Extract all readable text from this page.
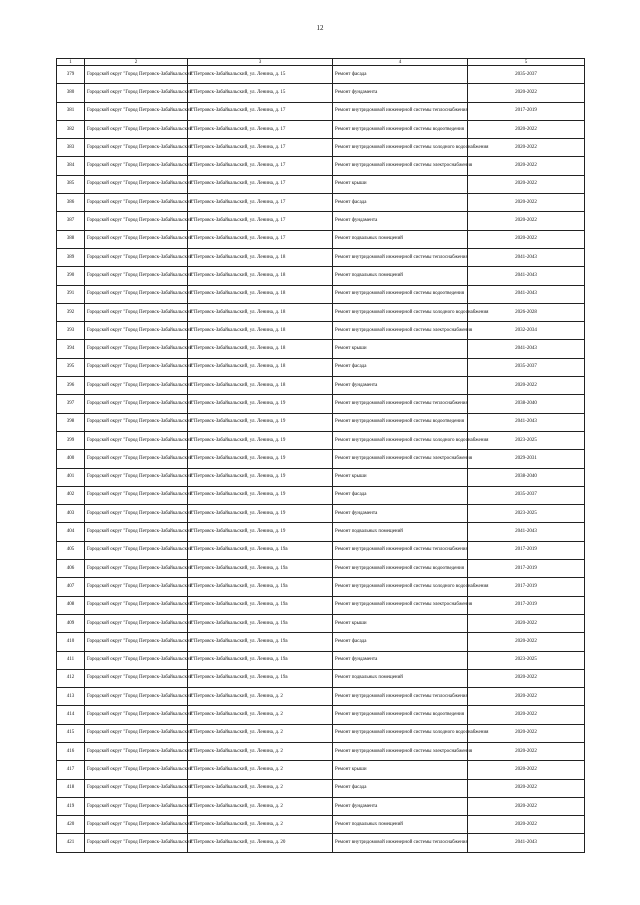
12
1	2	3	4	5
379	Городской округ "Город Петровск-Забайкальский"	г. Петровск-Забайкальский, ул. Ленина, д. 15	Ремонт фасада	2035-2037
380	Городской округ "Город Петровск-Забайкальский"	г. Петровск-Забайкальский, ул. Ленина, д. 15	Ремонт фундамента	2020-2022
381	Городской округ "Город Петровск-Забайкальский"	г. Петровск-Забайкальский, ул. Ленина, д. 17	Ремонт внутридомовой инженерной системы теплоснабжения	2017-2019
382	Городской округ "Город Петровск-Забайкальский"	г. Петровск-Забайкальский, ул. Ленина, д. 17	Ремонт внутридомовой инженерной системы водоотведения	2020-2022
383	Городской округ "Город Петровск-Забайкальский"	г. Петровск-Забайкальский, ул. Ленина, д. 17	Ремонт внутридомовой инженерной системы холодного водоснабжения	2020-2022
384	Городской округ "Город Петровск-Забайкальский"	г. Петровск-Забайкальский, ул. Ленина, д. 17	Ремонт внутридомовой инженерной системы электроснабжения	2020-2022
385	Городской округ "Город Петровск-Забайкальский"	г. Петровск-Забайкальский, ул. Ленина, д. 17	Ремонт крыши	2020-2022
386	Городской округ "Город Петровск-Забайкальский"	г. Петровск-Забайкальский, ул. Ленина, д. 17	Ремонт фасада	2020-2022
387	Городской округ "Город Петровск-Забайкальский"	г. Петровск-Забайкальский, ул. Ленина, д. 17	Ремонт фундамента	2020-2022
388	Городской округ "Город Петровск-Забайкальский"	г. Петровск-Забайкальский, ул. Ленина, д. 17	Ремонт подвальных помещений	2020-2022
389	Городской округ "Город Петровск-Забайкальский"	г. Петровск-Забайкальский, ул. Ленина, д. 18	Ремонт внутридомовой инженерной системы теплоснабжения	2041-2043
390	Городской округ "Город Петровск-Забайкальский"	г. Петровск-Забайкальский, ул. Ленина, д. 18	Ремонт подвальных помещений	2041-2043
391	Городской округ "Город Петровск-Забайкальский"	г. Петровск-Забайкальский, ул. Ленина, д. 18	Ремонт внутридомовой инженерной системы водоотведения	2041-2043
392	Городской округ "Город Петровск-Забайкальский"	г. Петровск-Забайкальский, ул. Ленина, д. 18	Ремонт внутридомовой инженерной системы холодного водоснабжения	2026-2028
393	Городской округ "Город Петровск-Забайкальский"	г. Петровск-Забайкальский, ул. Ленина, д. 18	Ремонт внутридомовой инженерной системы электроснабжения	2032-2034
394	Городской округ "Город Петровск-Забайкальский"	г. Петровск-Забайкальский, ул. Ленина, д. 18	Ремонт крыши	2041-2043
395	Городской округ "Город Петровск-Забайкальский"	г. Петровск-Забайкальский, ул. Ленина, д. 18	Ремонт фасада	2035-2037
396	Городской округ "Город Петровск-Забайкальский"	г. Петровск-Забайкальский, ул. Ленина, д. 18	Ремонт фундамента	2020-2022
397	Городской округ "Город Петровск-Забайкальский"	г. Петровск-Забайкальский, ул. Ленина, д. 19	Ремонт внутридомовой инженерной системы теплоснабжения	2038-2040
398	Городской округ "Город Петровск-Забайкальский"	г. Петровск-Забайкальский, ул. Ленина, д. 19	Ремонт внутридомовой инженерной системы водоотведения	2041-2043
399	Городской округ "Город Петровск-Забайкальский"	г. Петровск-Забайкальский, ул. Ленина, д. 19	Ремонт внутридомовой инженерной системы холодного водоснабжения	2023-2025
400	Городской округ "Город Петровск-Забайкальский"	г. Петровск-Забайкальский, ул. Ленина, д. 19	Ремонт внутридомовой инженерной системы электроснабжения	2029-2031
401	Городской округ "Город Петровск-Забайкальский"	г. Петровск-Забайкальский, ул. Ленина, д. 19	Ремонт крыши	2038-2040
402	Городской округ "Город Петровск-Забайкальский"	г. Петровск-Забайкальский, ул. Ленина, д. 19	Ремонт фасада	2035-2037
403	Городской округ "Город Петровск-Забайкальский"	г. Петровск-Забайкальский, ул. Ленина, д. 19	Ремонт фундамента	2023-2025
404	Городской округ "Город Петровск-Забайкальский"	г. Петровск-Забайкальский, ул. Ленина, д. 19	Ремонт подвальных помещений	2041-2043
405	Городской округ "Город Петровск-Забайкальский"	г. Петровск-Забайкальский, ул. Ленина, д. 19а	Ремонт внутридомовой инженерной системы теплоснабжения	2017-2019
406	Городской округ "Город Петровск-Забайкальский"	г. Петровск-Забайкальский, ул. Ленина, д. 19а	Ремонт внутридомовой инженерной системы водоотведения	2017-2019
407	Городской округ "Город Петровск-Забайкальский"	г. Петровск-Забайкальский, ул. Ленина, д. 19а	Ремонт внутридомовой инженерной системы холодного водоснабжения	2017-2019
408	Городской округ "Город Петровск-Забайкальский"	г. Петровск-Забайкальский, ул. Ленина, д. 19а	Ремонт внутридомовой инженерной системы электроснабжения	2017-2019
409	Городской округ "Город Петровск-Забайкальский"	г. Петровск-Забайкальский, ул. Ленина, д. 19а	Ремонт крыши	2020-2022
410	Городской округ "Город Петровск-Забайкальский"	г. Петровск-Забайкальский, ул. Ленина, д. 19а	Ремонт фасада	2020-2022
411	Городской округ "Город Петровск-Забайкальский"	г. Петровск-Забайкальский, ул. Ленина, д. 19а	Ремонт фундамента	2023-2025
412	Городской округ "Город Петровск-Забайкальский"	г. Петровск-Забайкальский, ул. Ленина, д. 19а	Ремонт подвальных помещений	2020-2022
413	Городской округ "Город Петровск-Забайкальский"	г. Петровск-Забайкальский, ул. Ленина, д. 2	Ремонт внутридомовой инженерной системы теплоснабжения	2020-2022
414	Городской округ "Город Петровск-Забайкальский"	г. Петровск-Забайкальский, ул. Ленина, д. 2	Ремонт внутридомовой инженерной системы водоотведения	2020-2022
415	Городской округ "Город Петровск-Забайкальский"	г. Петровск-Забайкальский, ул. Ленина, д. 2	Ремонт внутридомовой инженерной системы холодного водоснабжения	2020-2022
416	Городской округ "Город Петровск-Забайкальский"	г. Петровск-Забайкальский, ул. Ленина, д. 2	Ремонт внутридомовой инженерной системы электроснабжения	2020-2022
417	Городской округ "Город Петровск-Забайкальский"	г. Петровск-Забайкальский, ул. Ленина, д. 2	Ремонт крыши	2020-2022
418	Городской округ "Город Петровск-Забайкальский"	г. Петровск-Забайкальский, ул. Ленина, д. 2	Ремонт фасада	2020-2022
419	Городской округ "Город Петровск-Забайкальский"	г. Петровск-Забайкальский, ул. Ленина, д. 2	Ремонт фундамента	2020-2022
420	Городской округ "Город Петровск-Забайкальский"	г. Петровск-Забайкальский, ул. Ленина, д. 2	Ремонт подвальных помещений	2020-2022
421	Городской округ "Город Петровск-Забайкальский"	г. Петровск-Забайкальский, ул. Ленина, д. 20	Ремонт внутридомовой инженерной системы теплоснабжения	2041-2043
